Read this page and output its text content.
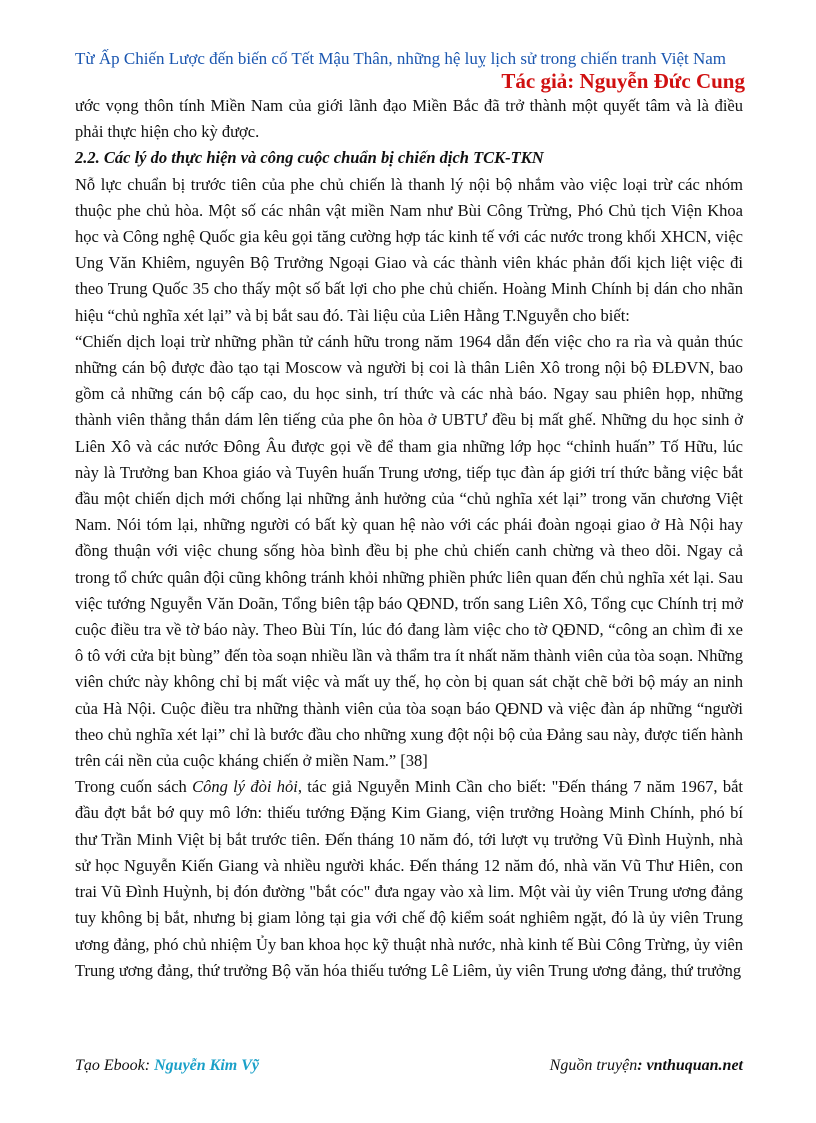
Từ Ấp Chiến Lược đến biến cố Tết Mậu Thân, những hệ luỵ lịch sử trong chiến tranh Việt Nam
Tác giả: Nguyễn Đức Cung

ước vọng thôn tính Miền Nam của giới lãnh đạo Miền Bắc đã trở thành một quyết tâm và là điều phải thực hiện cho kỳ được.

2.2. Các lý do thực hiện và công cuộc chuẩn bị chiến dịch TCK-TKN

Nỗ lực chuẩn bị trước tiên của phe chủ chiến là thanh lý nội bộ nhắm vào việc loại trừ các nhóm thuộc phe chủ hòa. Một số các nhân vật miền Nam như Bùi Công Trừng, Phó Chủ tịch Viện Khoa học và Công nghệ Quốc gia kêu gọi tăng cường hợp tác kinh tế với các nước trong khối XHCN, việc Ung Văn Khiêm, nguyên Bộ Trưởng Ngoại Giao và các thành viên khác phản đối kịch liệt việc đi theo Trung Quốc 35 cho thấy một số bất lợi cho phe chủ chiến. Hoàng Minh Chính bị dán cho nhãn hiệu “chủ nghĩa xét lại” và bị bắt sau đó. Tài liệu của Liên Hằng T.Nguyễn cho biết:

“Chiến dịch loại trừ những phần tử cánh hữu trong năm 1964 dẫn đến việc cho ra rìa và quản thúc những cán bộ được đào tạo tại Moscow và người bị coi là thân Liên Xô trong nội bộ ĐLĐVN, bao gồm cả những cán bộ cấp cao, du học sinh, trí thức và các nhà báo. Ngay sau phiên họp, những thành viên thẳng thắn dám lên tiếng của phe ôn hòa ở UBTƯ đều bị mất ghế. Những du học sinh ở Liên Xô và các nước Đông Âu được gọi về để tham gia những lớp học “chỉnh huấn” Tố Hữu, lúc này là Trưởng ban Khoa giáo và Tuyên huấn Trung ương, tiếp tục đàn áp giới trí thức bằng việc bắt đầu một chiến dịch mới chống lại những ảnh hưởng của “chủ nghĩa xét lại” trong văn chương Việt Nam. Nói tóm lại, những người có bất kỳ quan hệ nào với các phái đoàn ngoại giao ở Hà Nội hay đồng thuận với việc chung sống hòa bình đều bị phe chủ chiến canh chừng và theo dõi. Ngay cả trong tổ chức quân đội cũng không tránh khỏi những phiền phức liên quan đến chủ nghĩa xét lại. Sau việc tướng Nguyễn Văn Doãn, Tổng biên tập báo QĐND, trốn sang Liên Xô, Tổng cục Chính trị mở cuộc điều tra về tờ báo này. Theo Bùi Tín, lúc đó đang làm việc cho tờ QĐND, “công an chìm đi xe ô tô với cửa bịt bùng” đến tòa soạn nhiều lần và thẩm tra ít nhất năm thành viên của tòa soạn. Những viên chức này không chỉ bị mất việc và mất uy thế, họ còn bị quan sát chặt chẽ bởi bộ máy an ninh của Hà Nội. Cuộc điều tra những thành viên của tòa soạn báo QĐND và việc đàn áp những “người theo chủ nghĩa xét lại” chỉ là bước đầu cho những xung đột nội bộ của Đảng sau này, được tiến hành trên cái nền của cuộc kháng chiến ở miền Nam.” [38]

Trong cuốn sách Công lý đòi hỏi, tác giả Nguyễn Minh Cần cho biết: "Đến tháng 7 năm 1967, bắt đầu đợt bắt bớ quy mô lớn: thiếu tướng Đặng Kim Giang, viện trưởng Hoàng Minh Chính, phó bí thư Trần Minh Việt bị bắt trước tiên. Đến tháng 10 năm đó, tới lượt vụ trưởng Vũ Đình Huỳnh, nhà sử học Nguyễn Kiến Giang và nhiều người khác. Đến tháng 12 năm đó, nhà văn Vũ Thư Hiên, con trai Vũ Đình Huỳnh, bị đón đường "bắt cóc" đưa ngay vào xà lim. Một vài ủy viên Trung ương đảng tuy không bị bắt, nhưng bị giam lỏng tại gia với chế độ kiểm soát nghiêm ngặt, đó là ủy viên Trung ương đảng, phó chủ nhiệm Ủy ban khoa học kỹ thuật nhà nước, nhà kinh tế Bùi Công Trừng, ủy viên Trung ương đảng, thứ trưởng Bộ văn hóa thiếu tướng Lê Liêm, ủy viên Trung ương đảng, thứ trưởng

Tạo Ebook: Nguyễn Kim Vỹ	Nguồn truyện: vnthuquan.net
